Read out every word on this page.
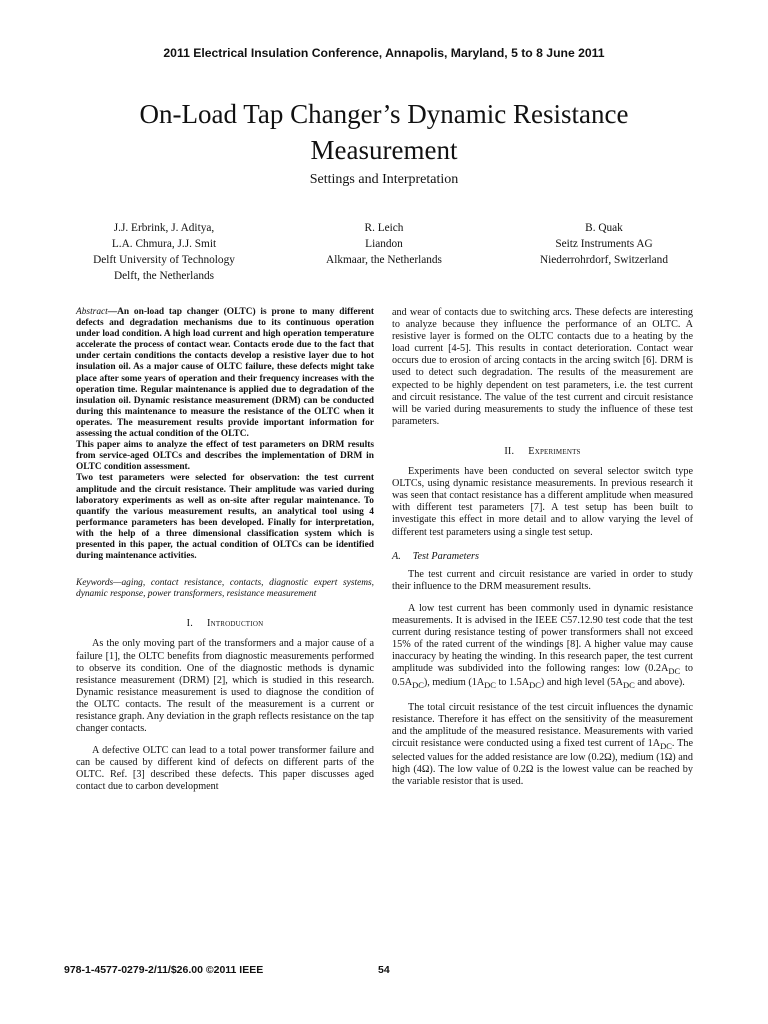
2011 Electrical Insulation Conference, Annapolis, Maryland, 5 to 8 June 2011
On-Load Tap Changer’s Dynamic Resistance Measurement
Settings and Interpretation
J.J. Erbrink, J. Aditya,
L.A. Chmura, J.J. Smit
Delft University of Technology
Delft, the Netherlands
R. Leich
Liandon
Alkmaar, the Netherlands
B. Quak
Seitz Instruments AG
Niederrohrdorf, Switzerland

Abstract—An on-load tap changer (OLTC) is prone to many different defects and degradation mechanisms due to its continuous operation under load condition. A high load current and high operation temperature accelerate the process of contact wear. Contacts erode due to the fact that under certain conditions the contacts develop a resistive layer due to hot insulation oil. As a major cause of OLTC failure, these defects might take place after some years of operation and their frequency increases with the operation time. Regular maintenance is applied due to degradation of the insulation oil. Dynamic resistance measurement (DRM) can be conducted during this maintenance to measure the resistance of the OLTC when it operates. The measurement results provide important information for assessing the actual condition of the OLTC.

This paper aims to analyze the effect of test parameters on DRM results from service-aged OLTCs and describes the implementation of DRM in OLTC condition assessment.

Two test parameters were selected for observation: the test current amplitude and the circuit resistance. Their amplitude was varied during laboratory experiments as well as on-site after regular maintenance. To quantify the various measurement results, an analytical tool using 4 performance parameters has been developed. Finally for interpretation, with the help of a three dimensional classification system which is presented in this paper, the actual condition of OLTCs can be identified during maintenance activities.

Keywords—aging, contact resistance, contacts, diagnostic expert systems, dynamic response, power transformers, resistance measurement

I. Introduction

As the only moving part of the transformers and a major cause of a failure [1], the OLTC benefits from diagnostic measurements performed to observe its condition. One of the diagnostic methods is dynamic resistance measurement (DRM) [2], which is studied in this research. Dynamic resistance measurement is used to diagnose the condition of the OLTC contacts. The result of the measurement is a current or resistance graph. Any deviation in the graph reflects resistance on the tap changer contacts.

A defective OLTC can lead to a total power transformer failure and can be caused by different kind of defects on different parts of the OLTC. Ref. [3] described these defects. This paper discusses aged contact due to carbon development

and wear of contacts due to switching arcs. These defects are interesting to analyze because they influence the performance of an OLTC. A resistive layer is formed on the OLTC contacts due to a heating by the load current [4-5]. This results in contact deterioration. Contact wear occurs due to erosion of arcing contacts in the arcing switch [6]. DRM is used to detect such degradation. The results of the measurement are expected to be highly dependent on test parameters, i.e. the test current and circuit resistance. The value of the test current and circuit resistance will be varied during measurements to study the influence of these test parameters.

II. Experiments

Experiments have been conducted on several selector switch type OLTCs, using dynamic resistance measurements. In previous research it was seen that contact resistance has a different amplitude when measured with different test parameters [7]. A test setup has been built to investigate this effect in more detail and to allow varying the level of different test parameters using a single test setup.

A. Test Parameters

The test current and circuit resistance are varied in order to study their influence to the DRM measurement results.

A low test current has been commonly used in dynamic resistance measurements. It is advised in the IEEE C57.12.90 test code that the test current during resistance testing of power transformers shall not exceed 15% of the rated current of the windings [8]. A higher value may cause inaccuracy by heating the winding. In this research paper, the test current amplitude was subdivided into the following ranges: low ($0.2A_{DC}$ to $0.5A_{DC}$), medium ($1A_{DC}$ to $1.5A_{DC}$) and high level ($5A_{DC}$ and above).

The total circuit resistance of the test circuit influences the dynamic resistance. Therefore it has effect on the sensitivity of the measurement and the amplitude of the measured resistance. Measurements with varied circuit resistance were conducted using a fixed test current of $1A_{DC}$. The selected values for the added resistance are low (0.2Ω), medium (1Ω) and high (4Ω). The low value of 0.2Ω is the lowest value can be reached by the variable resistor that is used.

978-1-4577-0279-2/11/$26.00 ©2011 IEEE	54
